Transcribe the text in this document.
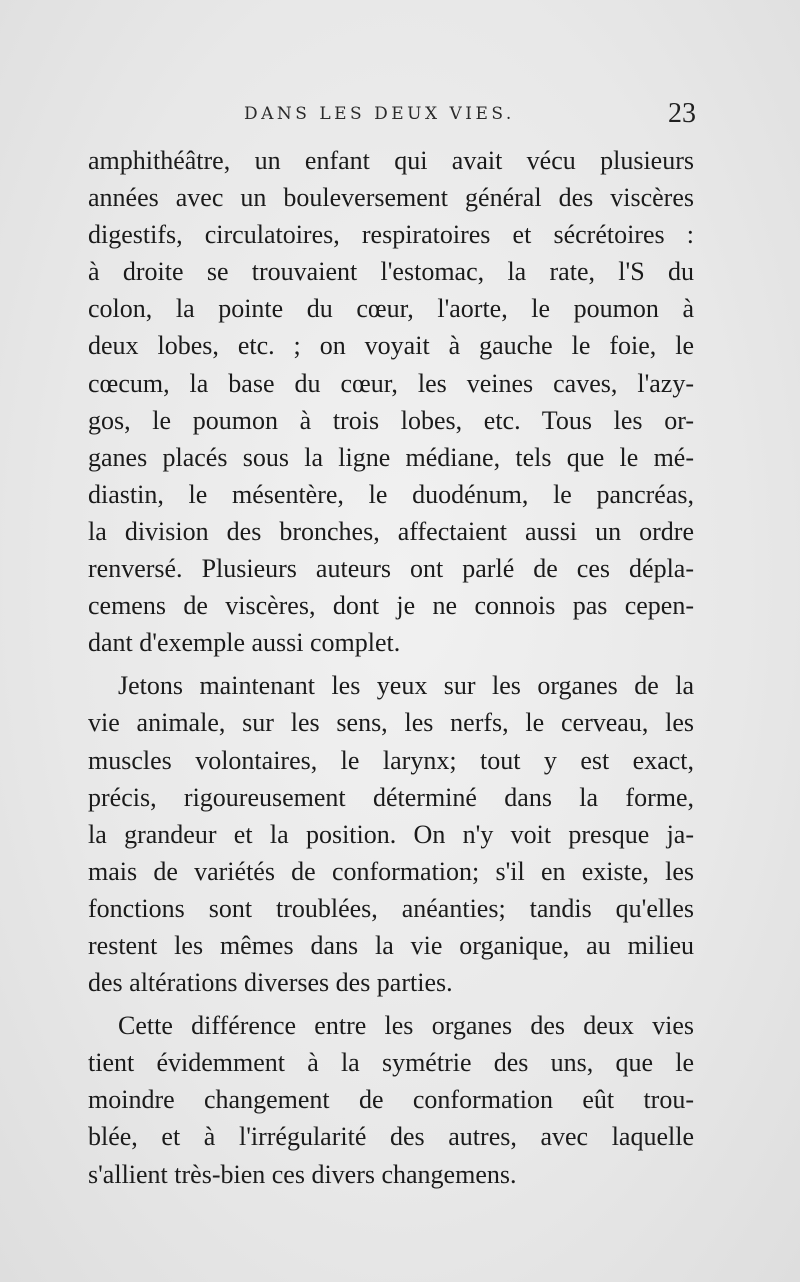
DANS LES DEUX VIES.	23
amphithéâtre, un enfant qui avait vécu plusieurs
années avec un bouleversement général des viscères
digestifs, circulatoires, respiratoires et sécrétoires :
à droite se trouvaient l'estomac, la rate, l'S du
colon, la pointe du cœur, l'aorte, le poumon à
deux lobes, etc. ; on voyait à gauche le foie, le
cœcum, la base du cœur, les veines caves, l'azy-
gos, le poumon à trois lobes, etc. Tous les or-
ganes placés sous la ligne médiane, tels que le mé-
diastin, le mésentère, le duodénum, le pancréas,
la division des bronches, affectaient aussi un ordre
renversé. Plusieurs auteurs ont parlé de ces dépla-
cemens de viscères, dont je ne connois pas cepen-
dant d'exemple aussi complet.
Jetons maintenant les yeux sur les organes de la
vie animale, sur les sens, les nerfs, le cerveau, les
muscles volontaires, le larynx; tout y est exact,
précis, rigoureusement déterminé dans la forme,
la grandeur et la position. On n'y voit presque ja-
mais de variétés de conformation; s'il en existe, les
fonctions sont troublées, anéanties; tandis qu'elles
restent les mêmes dans la vie organique, au milieu
des altérations diverses des parties.
Cette différence entre les organes des deux vies
tient évidemment à la symétrie des uns, que le
moindre changement de conformation eût trou-
blée, et à l'irrégularité des autres, avec laquelle
s'allient très-bien ces divers changemens.
